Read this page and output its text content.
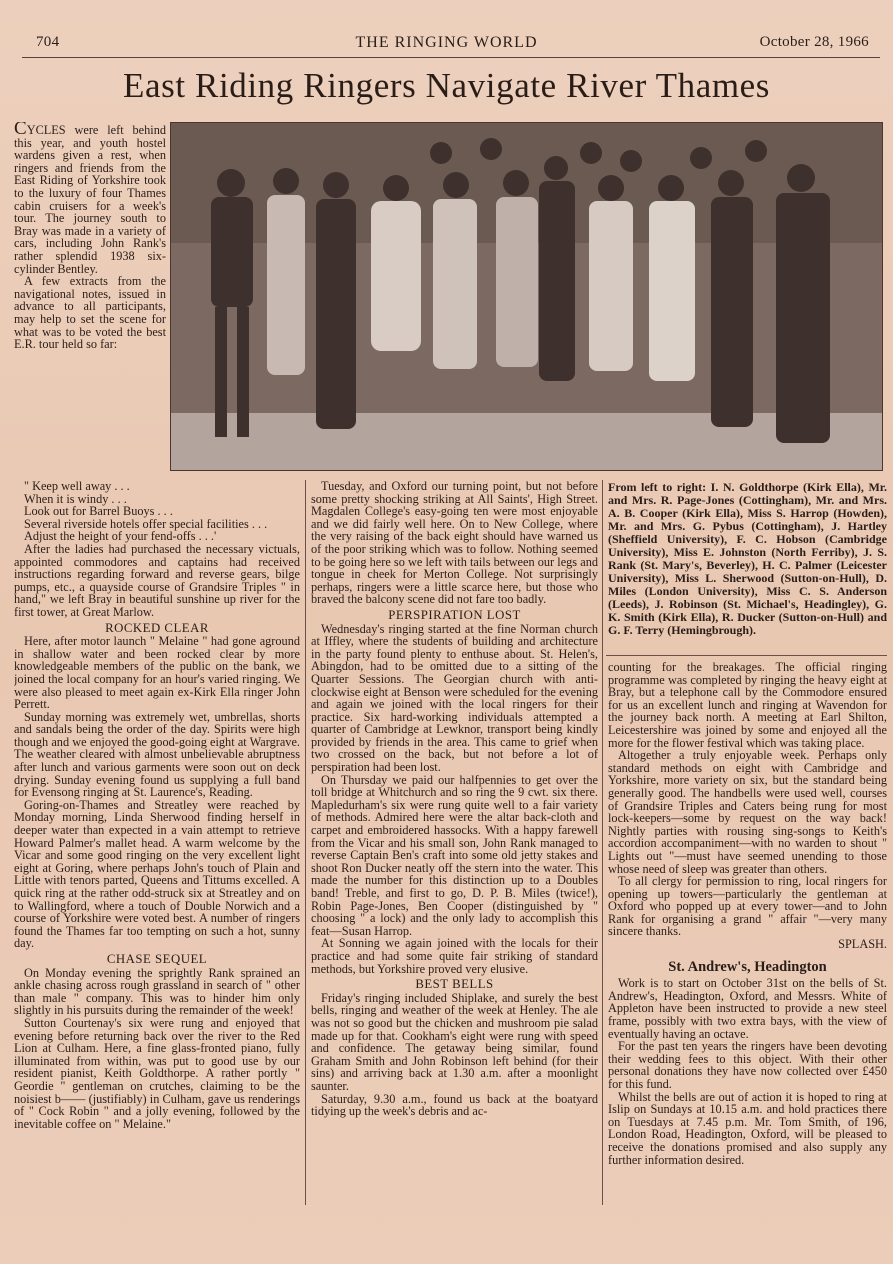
704	THE RINGING WORLD	October 28, 1966
East Riding Ringers Navigate River Thames

CYCLES were left behind this year, and youth hostel wardens given a rest, when ringers and friends from the East Riding of Yorkshire took to the luxury of four Thames cabin cruisers for a week's tour. The journey south to Bray was made in a variety of cars, including John Rank's rather splendid 1938 six-cylinder Bentley.

A few extracts from the navigational notes, issued in advance to all participants, may help to set the scene for what was to be voted the best E.R. tour held so far:

" Keep well away . . .

When it is windy . . .

Look out for Barrel Buoys . . .

Several riverside hotels offer special facilities . . .

Adjust the height of your fend-offs . . .'

After the ladies had purchased the necessary victuals, appointed commodores and captains had received instructions regarding forward and reverse gears, bilge pumps, etc., a quayside course of Grandsire Triples " in hand," we left Bray in beautiful sunshine up river for the first tower, at Great Marlow.

ROCKED CLEAR

Here, after motor launch " Melaine " had gone aground in shallow water and been rocked clear by more knowledgeable members of the public on the bank, we joined the local company for an hour's varied ringing. We were also pleased to meet again ex-Kirk Ella ringer John Perrett.

Sunday morning was extremely wet, umbrellas, shorts and sandals being the order of the day. Spirits were high though and we enjoyed the good-going eight at Wargrave. The weather cleared with almost unbelievable abruptness after lunch and various garments were soon out on deck drying. Sunday evening found us supplying a full band for Evensong ringing at St. Laurence's, Reading.

Goring-on-Thames and Streatley were reached by Monday morning, Linda Sherwood finding herself in deeper water than expected in a vain attempt to retrieve Howard Palmer's mallet head. A warm welcome by the Vicar and some good ringing on the very excellent light eight at Goring, where perhaps John's touch of Plain and Little with tenors parted, Queens and Tittums excelled. A quick ring at the rather odd-struck six at Streatley and on to Wallingford, where a touch of Double Norwich and a course of Yorkshire were voted best. A number of ringers found the Thames far too tempting on such a hot, sunny day.

CHASE SEQUEL

On Monday evening the sprightly Rank sprained an ankle chasing across rough grassland in search of " other than male " company. This was to hinder him only slightly in his pursuits during the remainder of the week!

Sutton Courtenay's six were rung and enjoyed that evening before returning back over the river to the Red Lion at Culham. Here, a fine glass-fronted piano, fully illuminated from within, was put to good use by our resident pianist, Keith Goldthorpe. A rather portly " Geordie " gentleman on crutches, claiming to be the noisiest b—— (justifiably) in Culham, gave us renderings of " Cock Robin " and a jolly evening, followed by the inevitable coffee on " Melaine."

Tuesday, and Oxford our turning point, but not before some pretty shocking striking at All Saints', High Street. Magdalen College's easy-going ten were most enjoyable and we did fairly well here. On to New College, where the very raising of the back eight should have warned us of the poor striking which was to follow. Nothing seemed to be going here so we left with tails between our legs and tongue in cheek for Merton College. Not surprisingly perhaps, ringers were a little scarce here, but those who braved the balcony scene did not fare too badly.

PERSPIRATION LOST

Wednesday's ringing started at the fine Norman church at Iffley, where the students of building and architecture in the party found plenty to enthuse about. St. Helen's, Abingdon, had to be omitted due to a sitting of the Quarter Sessions. The Georgian church with anti-clockwise eight at Benson were scheduled for the evening and again we joined with the local ringers for their practice. Six hard-working individuals attempted a quarter of Cambridge at Lewknor, transport being kindly provided by friends in the area. This came to grief when two crossed on the back, but not before a lot of perspiration had been lost.

On Thursday we paid our halfpennies to get over the toll bridge at Whitchurch and so ring the 9 cwt. six there. Mapledurham's six were rung quite well to a fair variety of methods. Admired here were the altar back-cloth and carpet and embroidered hassocks. With a happy farewell from the Vicar and his small son, John Rank managed to reverse Captain Ben's craft into some old jetty stakes and shoot Ron Ducker neatly off the stern into the water. This made the number for this distinction up to a Doubles band! Treble, and first to go, D. P. B. Miles (twice!), Robin Page-Jones, Ben Cooper (distinguished by " choosing " a lock) and the only lady to accomplish this feat—Susan Harrop.

At Sonning we again joined with the locals for their practice and had some quite fair striking of standard methods, but Yorkshire proved very elusive.

BEST BELLS

Friday's ringing included Shiplake, and surely the best bells, ringing and weather of the week at Henley. The ale was not so good but the chicken and mushroom pie salad made up for that. Cookham's eight were rung with speed and confidence. The getaway being similar, found Graham Smith and John Robinson left behind (for their sins) and arriving back at 1.30 a.m. after a moonlight saunter.

Saturday, 9.30 a.m., found us back at the boatyard tidying up the week's debris and ac-

From left to right: I. N. Goldthorpe (Kirk Ella), Mr. and Mrs. R. Page-Jones (Cottingham), Mr. and Mrs. A. B. Cooper (Kirk Ella), Miss S. Harrop (Howden), Mr. and Mrs. G. Pybus (Cottingham), J. Hartley (Sheffield University), F. C. Hobson (Cambridge University), Miss E. Johnston (North Ferriby), J. S. Rank (St. Mary's, Beverley), H. C. Palmer (Leicester University), Miss L. Sherwood (Sutton-on-Hull), D. Miles (London University), Miss C. S. Anderson (Leeds), J. Robinson (St. Michael's, Headingley), G. K. Smith (Kirk Ella), R. Ducker (Sutton-on-Hull) and G. F. Terry (Hemingbrough).

counting for the breakages. The official ringing programme was completed by ringing the heavy eight at Bray, but a telephone call by the Commodore ensured for us an excellent lunch and ringing at Wavendon for the journey back north. A meeting at Earl Shilton, Leicestershire was joined by some and enjoyed all the more for the flower festival which was taking place.

Altogether a truly enjoyable week. Perhaps only standard methods on eight with Cambridge and Yorkshire, more variety on six, but the standard being generally good. The handbells were used well, courses of Grandsire Triples and Caters being rung for most lock-keepers—some by request on the way back! Nightly parties with rousing sing-songs to Keith's accordion accompaniment—with no warden to shout " Lights out "—must have seemed unending to those whose need of sleep was greater than others.

To all clergy for permission to ring, local ringers for opening up towers—particularly the gentleman at Oxford who popped up at every tower—and to John Rank for organising a grand " affair "—very many sincere thanks.

SPLASH.

St. Andrew's, Headington

Work is to start on October 31st on the bells of St. Andrew's, Headington, Oxford, and Messrs. White of Appleton have been instructed to provide a new steel frame, possibly with two extra bays, with the view of eventually having an octave.

For the past ten years the ringers have been devoting their wedding fees to this object. With their other personal donations they have now collected over £450 for this fund.

Whilst the bells are out of action it is hoped to ring at Islip on Sundays at 10.15 a.m. and hold practices there on Tuesdays at 7.45 p.m. Mr. Tom Smith, of 196, London Road, Headington, Oxford, will be pleased to receive the donations promised and also supply any further information desired.
